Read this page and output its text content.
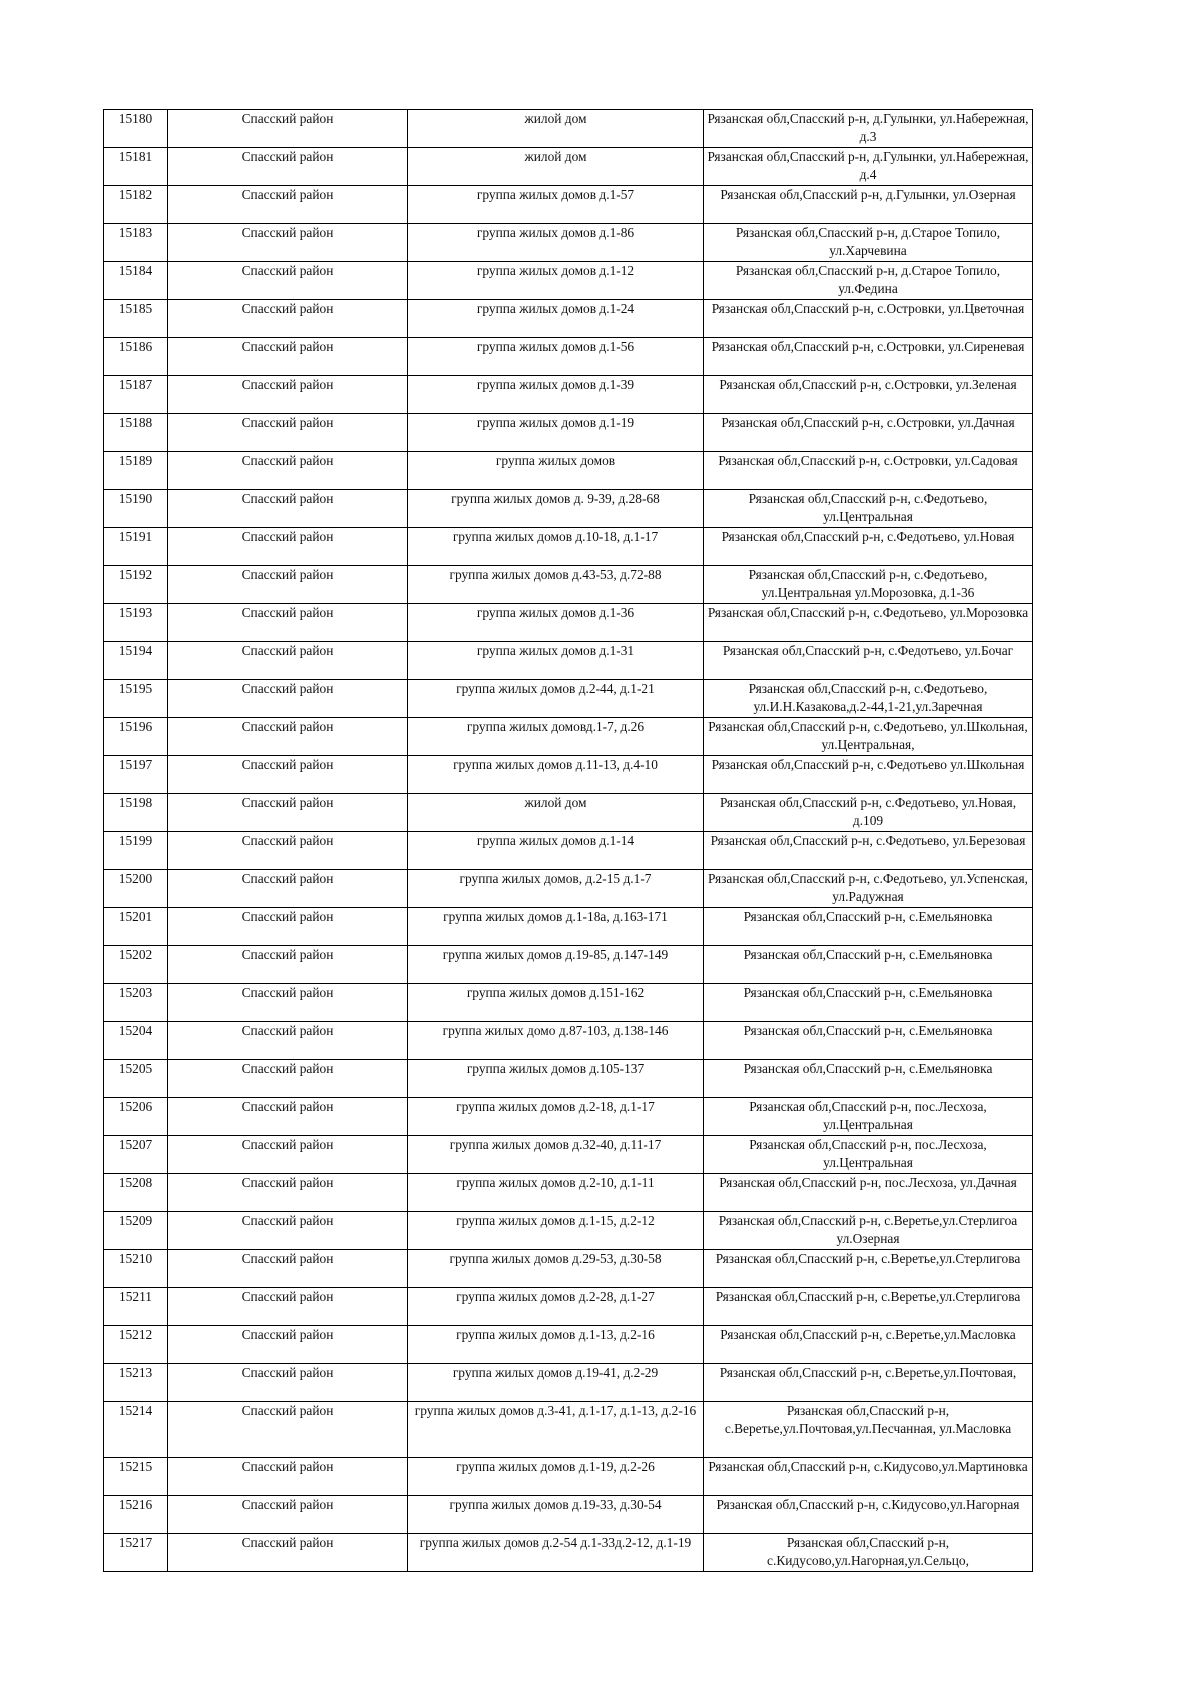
15180	Спасский район	жилой дом	Рязанская обл,Спасский р-н, д.Гулынки, ул.Набережная, д.3
15181	Спасский район	жилой дом	Рязанская обл,Спасский р-н, д.Гулынки, ул.Набережная, д.4
15182	Спасский район	группа жилых домов д.1-57	Рязанская обл,Спасский р-н, д.Гулынки, ул.Озерная
15183	Спасский район	группа жилых домов д.1-86	Рязанская обл,Спасский р-н, д.Старое Топило, ул.Харчевина
15184	Спасский район	группа жилых домов д.1-12	Рязанская обл,Спасский р-н, д.Старое Топило, ул.Федина
15185	Спасский район	группа жилых домов д.1-24	Рязанская обл,Спасский р-н, с.Островки, ул.Цветочная
15186	Спасский район	группа жилых домов д.1-56	Рязанская обл,Спасский р-н, с.Островки, ул.Сиреневая
15187	Спасский район	группа жилых домов д.1-39	Рязанская обл,Спасский р-н, с.Островки, ул.Зеленая
15188	Спасский район	группа жилых домов д.1-19	Рязанская обл,Спасский р-н, с.Островки, ул.Дачная
15189	Спасский район	группа жилых домов	Рязанская обл,Спасский р-н, с.Островки, ул.Садовая
15190	Спасский район	группа жилых домов д. 9-39, д.28-68	Рязанская обл,Спасский р-н, с.Федотьево, ул.Центральная
15191	Спасский район	группа жилых домов д.10-18, д.1-17	Рязанская обл,Спасский р-н, с.Федотьево, ул.Новая
15192	Спасский район	группа жилых домов д.43-53, д.72-88	Рязанская обл,Спасский р-н, с.Федотьево, ул.Центральная ул.Морозовка, д.1-36
15193	Спасский район	группа жилых домов д.1-36	Рязанская обл,Спасский р-н, с.Федотьево, ул.Морозовка
15194	Спасский район	группа жилых домов д.1-31	Рязанская обл,Спасский р-н, с.Федотьево, ул.Бочаг
15195	Спасский район	группа жилых домов д.2-44, д.1-21	Рязанская обл,Спасский р-н, с.Федотьево, ул.И.Н.Казакова,д.2-44,1-21,ул.Заречная
15196	Спасский район	группа жилых домовд.1-7, д.26	Рязанская обл,Спасский р-н, с.Федотьево, ул.Школьная, ул.Центральная,
15197	Спасский район	группа жилых домов д.11-13, д.4-10	Рязанская обл,Спасский р-н, с.Федотьево ул.Школьная
15198	Спасский район	жилой дом	Рязанская обл,Спасский р-н, с.Федотьево, ул.Новая, д.109
15199	Спасский район	группа жилых домов д.1-14	Рязанская обл,Спасский р-н, с.Федотьево, ул.Березовая
15200	Спасский район	группа жилых домов, д.2-15 д.1-7	Рязанская обл,Спасский р-н, с.Федотьево, ул.Успенская, ул.Радужная
15201	Спасский район	группа жилых домов д.1-18а, д.163-171	Рязанская обл,Спасский р-н, с.Емельяновка
15202	Спасский район	группа жилых домов д.19-85, д.147-149	Рязанская обл,Спасский р-н, с.Емельяновка
15203	Спасский район	группа жилых домов д.151-162	Рязанская обл,Спасский р-н, с.Емельяновка
15204	Спасский район	группа жилых домо д.87-103, д.138-146	Рязанская обл,Спасский р-н, с.Емельяновка
15205	Спасский район	группа жилых домов д.105-137	Рязанская обл,Спасский р-н, с.Емельяновка
15206	Спасский район	группа жилых домов д.2-18, д.1-17	Рязанская обл,Спасский р-н, пос.Лесхоза, ул.Центральная
15207	Спасский район	группа жилых домов д.32-40, д.11-17	Рязанская обл,Спасский р-н, пос.Лесхоза, ул.Центральная
15208	Спасский район	группа жилых домов д.2-10, д.1-11	Рязанская обл,Спасский р-н, пос.Лесхоза, ул.Дачная
15209	Спасский район	группа жилых домов д.1-15, д.2-12	Рязанская обл,Спасский р-н, с.Веретье,ул.Стерлигоа ул.Озерная
15210	Спасский район	группа жилых домов д.29-53, д.30-58	Рязанская обл,Спасский р-н, с.Веретье,ул.Стерлигова
15211	Спасский район	группа жилых домов д.2-28, д.1-27	Рязанская обл,Спасский р-н, с.Веретье,ул.Стерлигова
15212	Спасский район	группа жилых домов д.1-13, д.2-16	Рязанская обл,Спасский р-н, с.Веретье,ул.Масловка
15213	Спасский район	группа жилых домов д.19-41, д.2-29	Рязанская обл,Спасский р-н, с.Веретье,ул.Почтовая,
15214	Спасский район	группа жилых домов д.3-41, д.1-17, д.1-13, д.2-16	Рязанская обл,Спасский р-н, с.Веретье,ул.Почтовая,ул.Песчанная, ул.Масловка
15215	Спасский район	группа жилых домов д.1-19, д.2-26	Рязанская обл,Спасский р-н, с.Кидусово,ул.Мартиновка
15216	Спасский район	группа жилых домов д.19-33, д.30-54	Рязанская обл,Спасский р-н, с.Кидусово,ул.Нагорная
15217	Спасский район	группа жилых домов д.2-54 д.1-33д.2-12, д.1-19	Рязанская обл,Спасский р-н, с.Кидусово,ул.Нагорная,ул.Сельцо,
